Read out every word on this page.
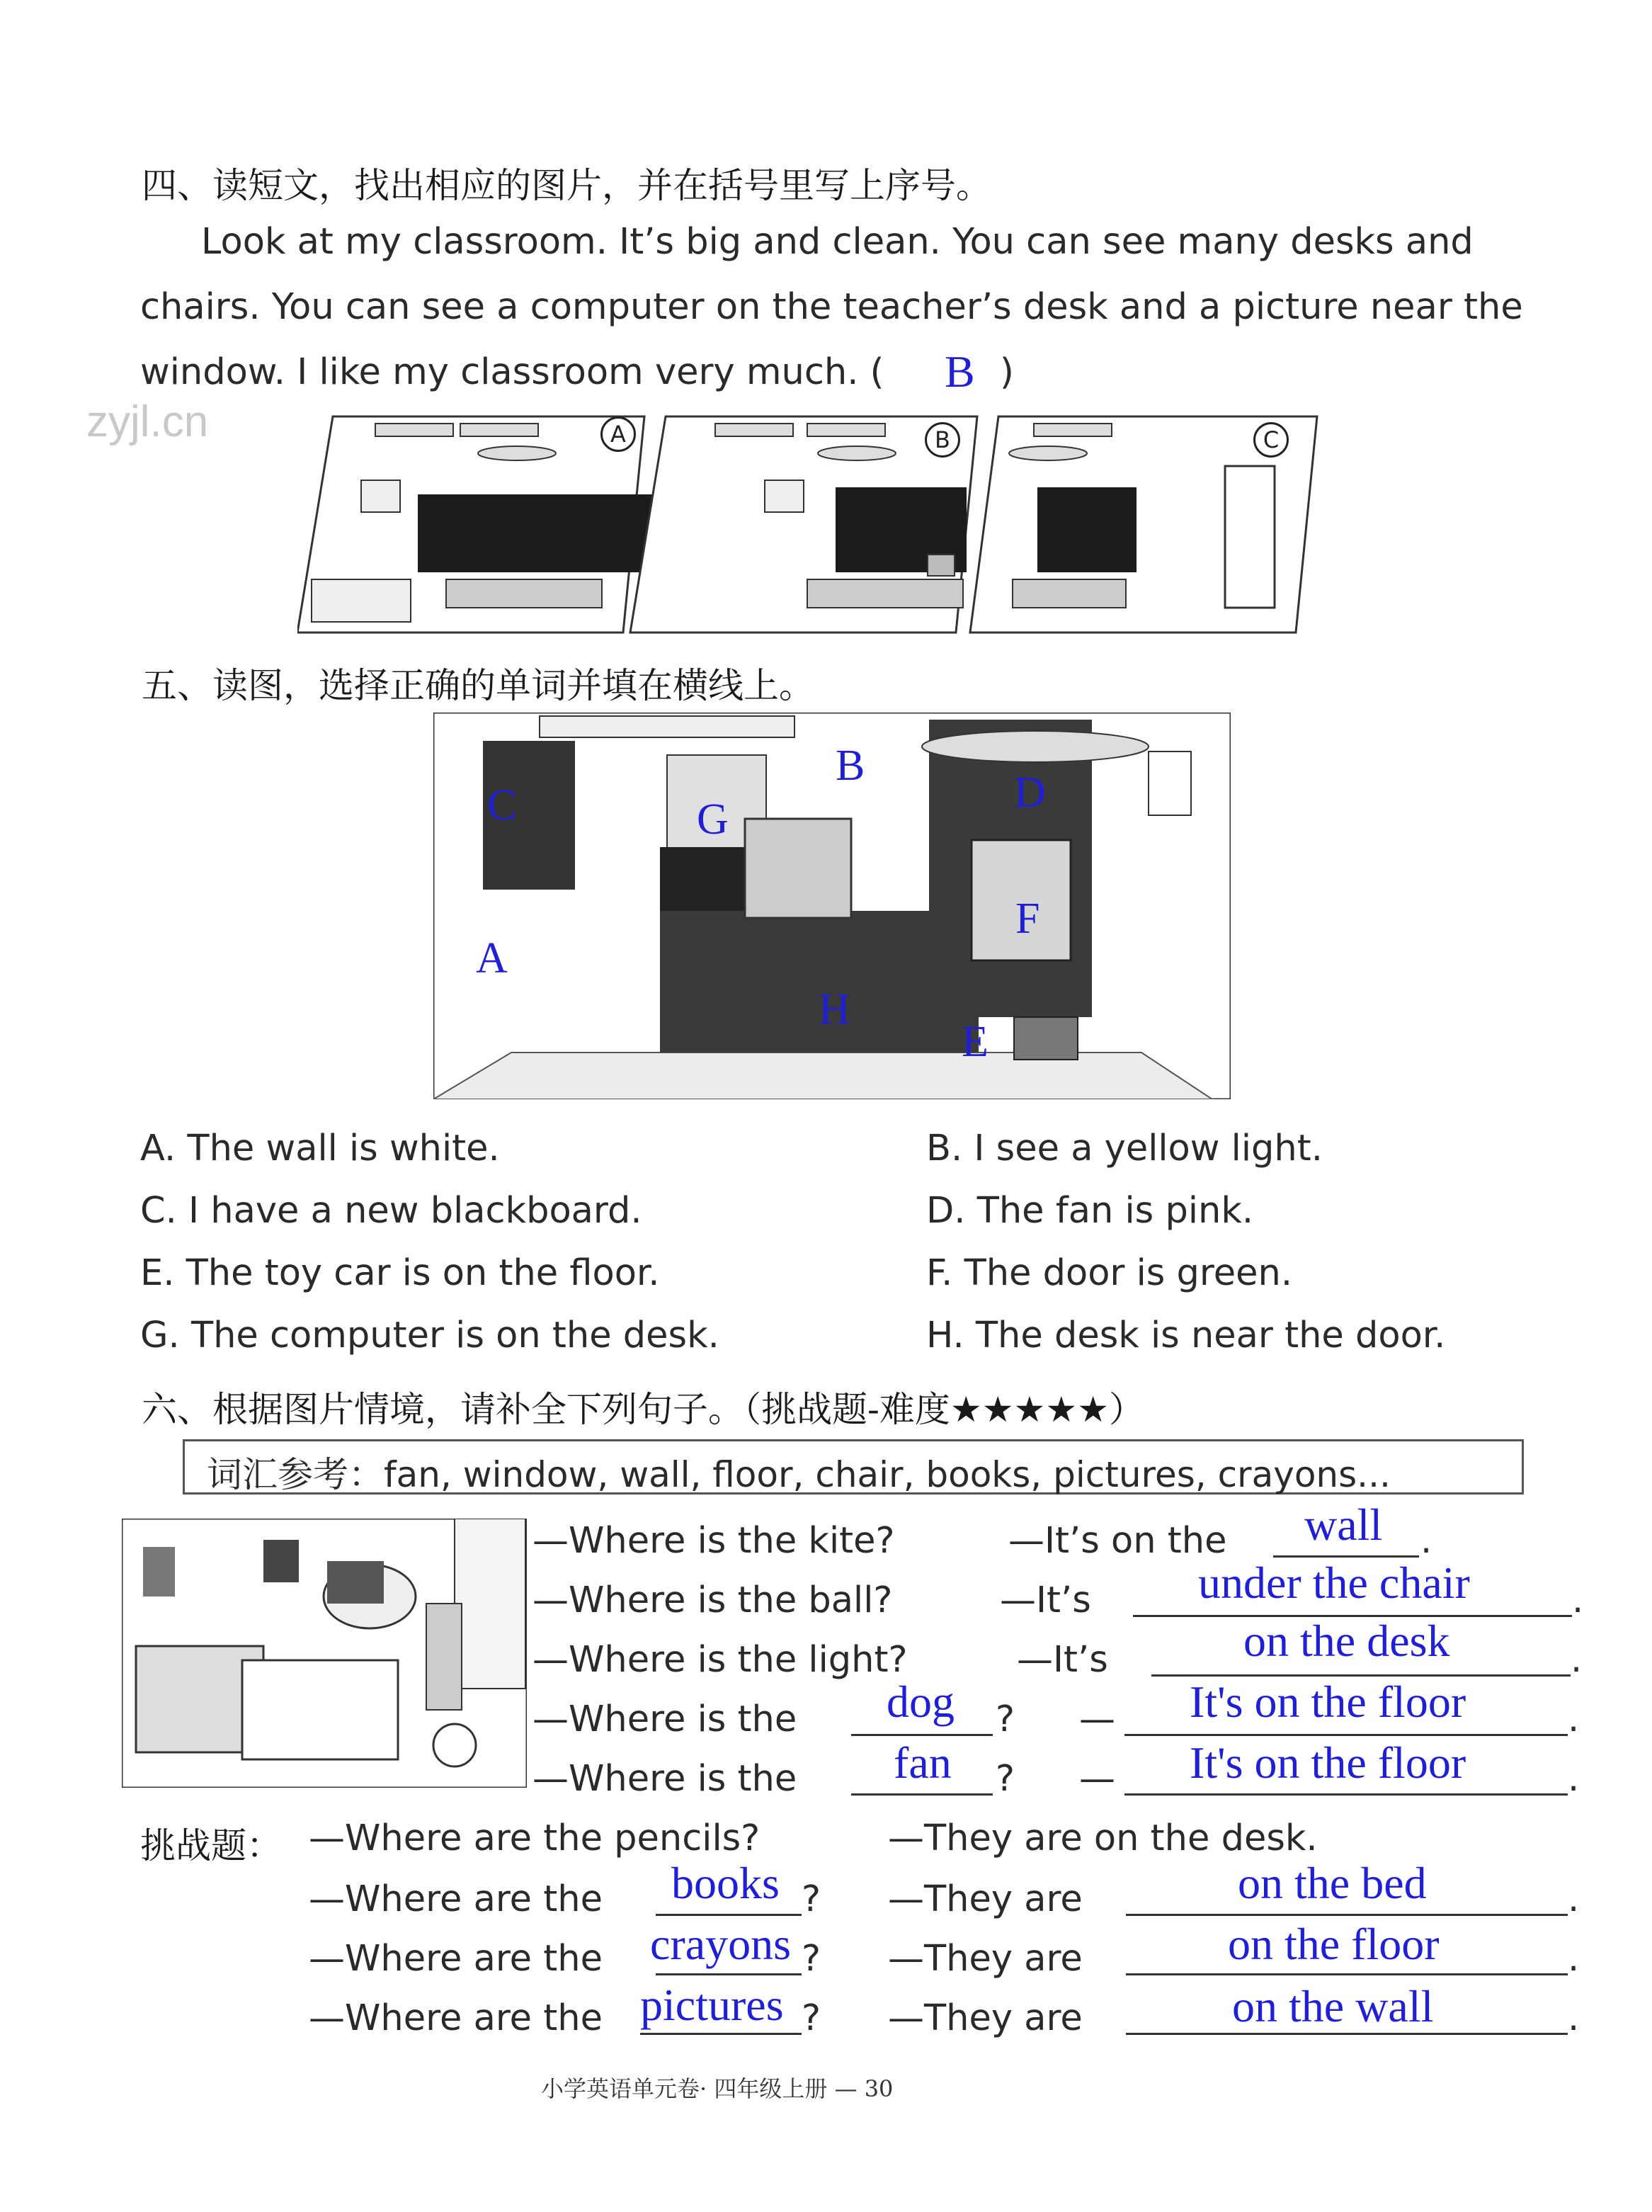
四、读短文，找出相应的图片，并在括号里写上序号。
Look at my classroom. It’s big and clean. You can see many desks and
chairs. You can see a computer on the teacher’s desk and a picture near the
window. I like my classroom very much. ( B )
zyjl.cn	A	B	C
五、读图，选择正确的单词并填在横线上。
C
B
G
D
F
A
H
E
A. The wall is white.	B. I see a yellow light.
C. I have a new blackboard.	D. The fan is pink.
E. The toy car is on the floor.	F. The door is green.
G. The computer is on the desk.	H. The desk is near the door.
六、根据图片情境，请补全下列句子。（挑战题-难度★★★★★）
词汇参考：fan, window, wall, floor, chair, books, pictures, crayons...
—Where is the kite?	—It’s on the wall .
—Where is the ball?	—It’s under the chair	.
—Where is the light?	—It’s	on the desk	.
—Where is the dog ? — It's on the floor	.
—Where is the fan ? — It's on the floor	.
挑战题： —Where are the pencils?	—They are on the desk.
—Where are the books ? —They are	on the bed	.
—Where are the crayons ? —They are	on the floor	.
—Where are the pictures ? —They are	on the wall	.
小学英语单元卷· 四年级上册 — 30
